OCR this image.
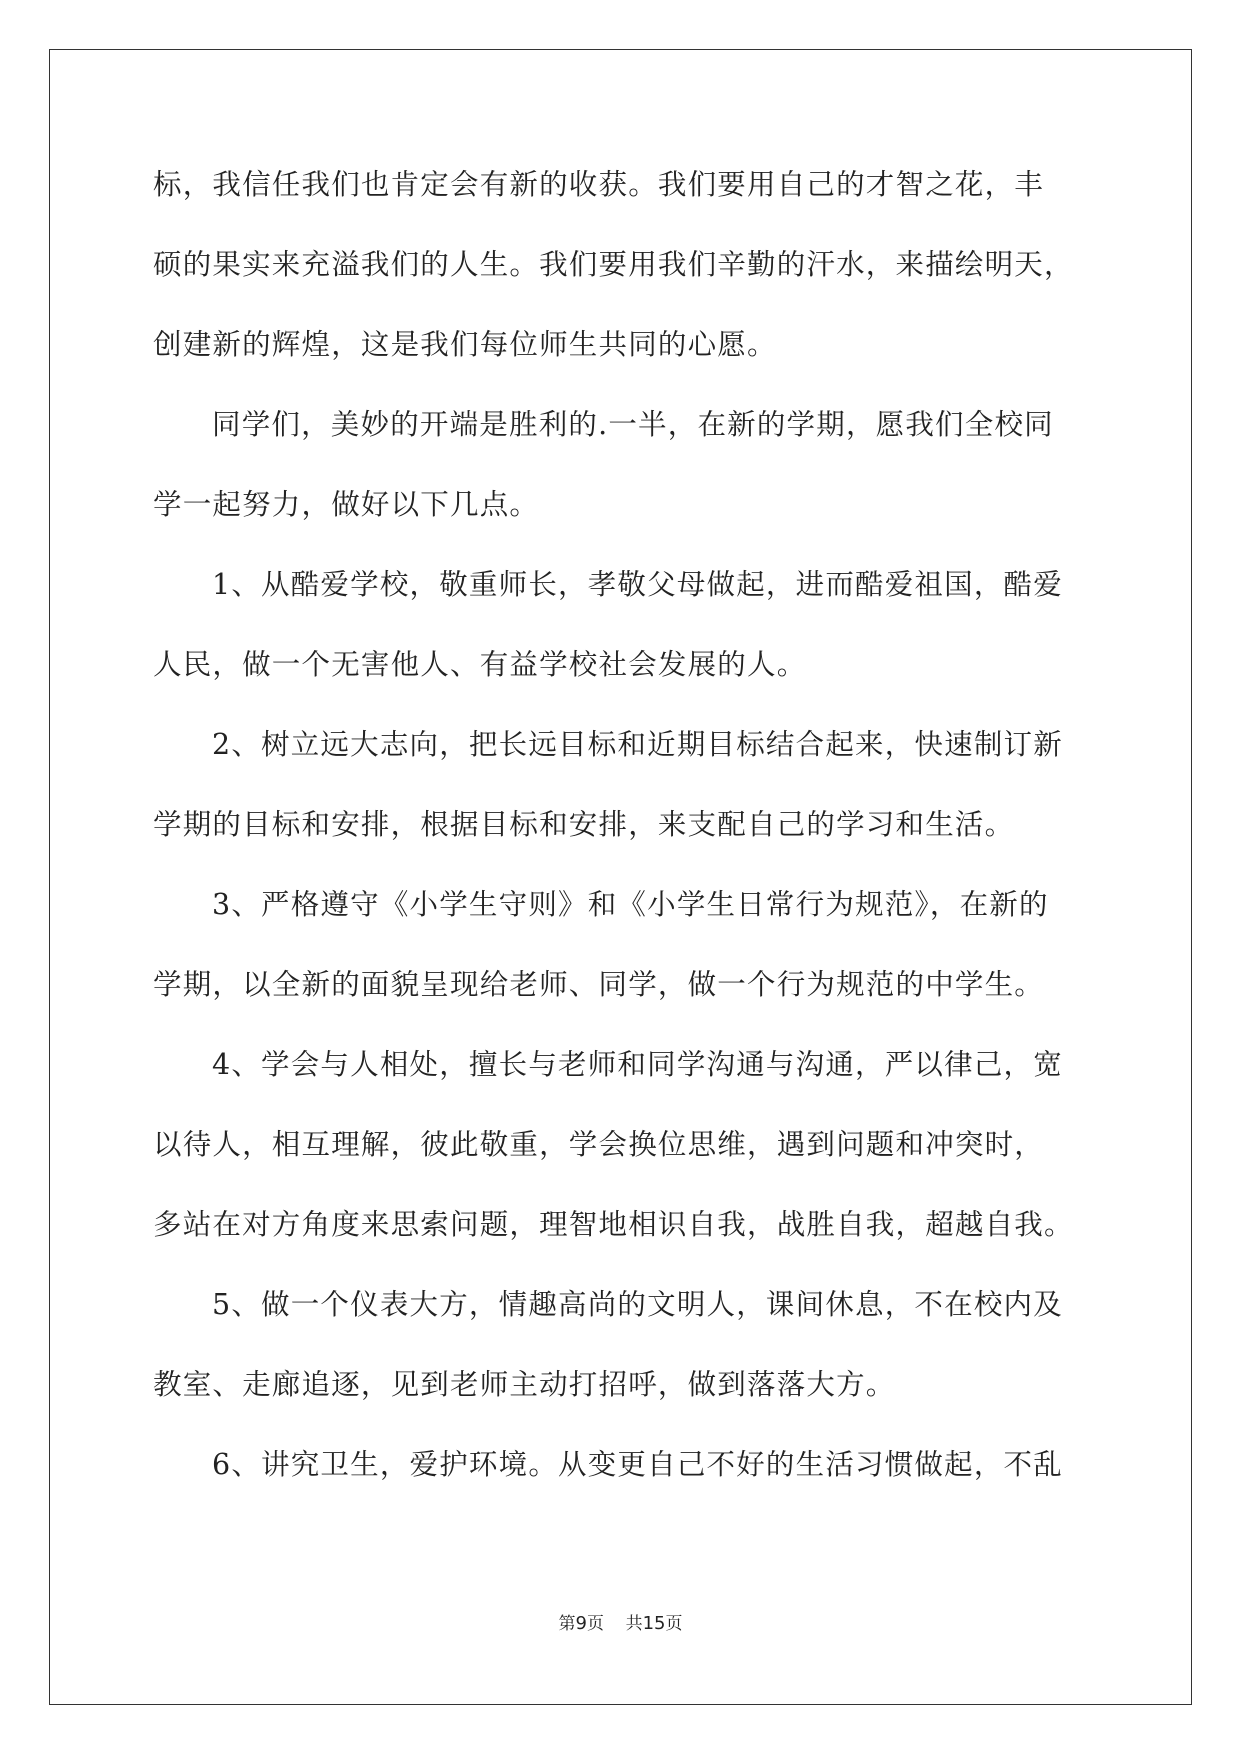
标，我信任我们也肯定会有新的收获。我们要用自己的才智之花，丰
硕的果实来充溢我们的人生。我们要用我们辛勤的汗水，来描绘明天，
创建新的辉煌，这是我们每位师生共同的心愿。
同学们，美妙的开端是胜利的.一半，在新的学期，愿我们全校同
学一起努力，做好以下几点。
1、从酷爱学校，敬重师长，孝敬父母做起，进而酷爱祖国，酷爱
人民，做一个无害他人、有益学校社会发展的人。
2、树立远大志向，把长远目标和近期目标结合起来，快速制订新
学期的目标和安排，根据目标和安排，来支配自己的学习和生活。
3、严格遵守《小学生守则》和《小学生日常行为规范》，在新的
学期，以全新的面貌呈现给老师、同学，做一个行为规范的中学生。
4、学会与人相处，擅长与老师和同学沟通与沟通，严以律己，宽
以待人，相互理解，彼此敬重，学会换位思维，遇到问题和冲突时，
多站在对方角度来思索问题，理智地相识自我，战胜自我，超越自我。
5、做一个仪表大方，情趣高尚的文明人，课间休息，不在校内及
教室、走廊追逐，见到老师主动打招呼，做到落落大方。
6、讲究卫生，爱护环境。从变更自己不好的生活习惯做起，不乱
第9页 共15页
